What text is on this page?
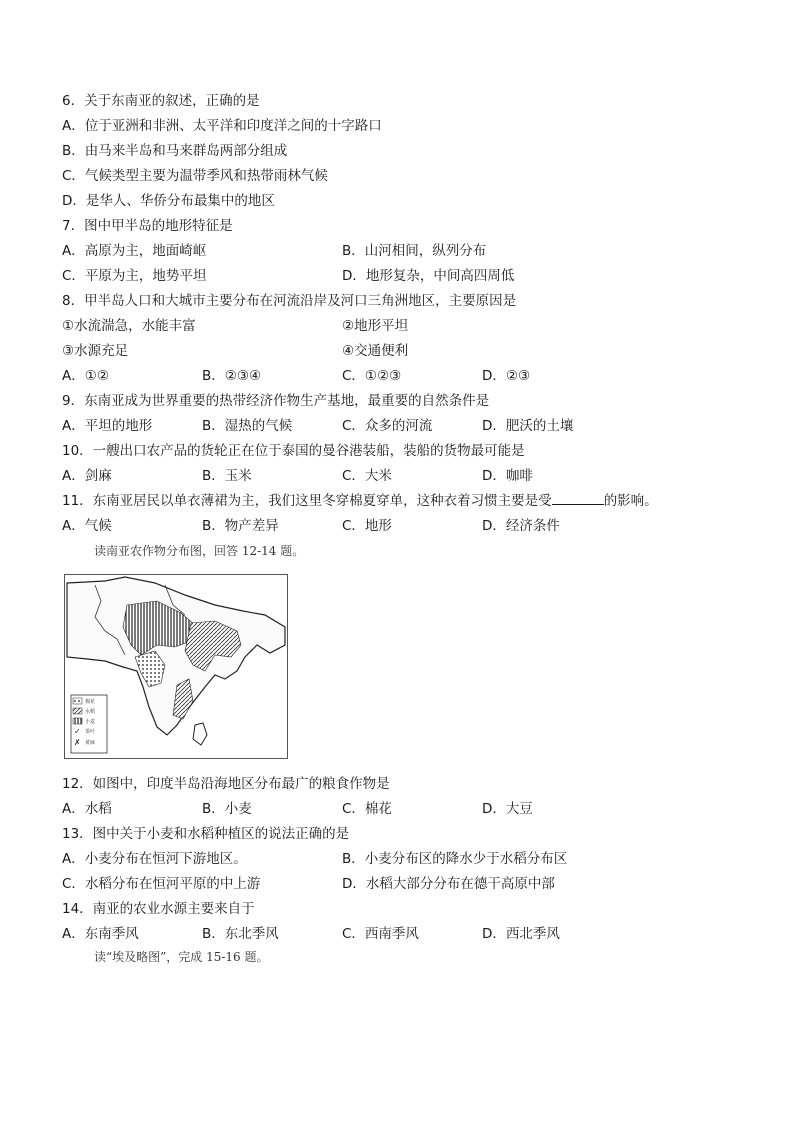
6．关于东南亚的叙述，正确的是
A．位于亚洲和非洲、太平洋和印度洋之间的十字路口
B．由马来半岛和马来群岛两部分组成
C．气候类型主要为温带季风和热带雨林气候
D．是华人、华侨分布最集中的地区
7．图中甲半岛的地形特征是
A．高原为主，地面崎岖	B．山河相间，纵列分布
C．平原为主，地势平坦	D．地形复杂，中间高四周低
8．甲半岛人口和大城市主要分布在河流沿岸及河口三角洲地区，主要原因是
①水流湍急，水能丰富	②地形平坦
③水源充足	④交通便利
A．①②	B．②③④	C．①②③	D．②③
9．东南亚成为世界重要的热带经济作物生产基地，最重要的自然条件是
A．平坦的地形	B．湿热的气候	C．众多的河流	D．肥沃的土壤
10．一艘出口农产品的货轮正在位于泰国的曼谷港装船，装船的货物最可能是
A．剑麻	B．玉米	C．大米	D．咖啡
11．东南亚居民以单衣薄裙为主，我们这里冬穿棉夏穿单，这种衣着习惯主要是受	的影响。
A．气候	B．物产差异	C．地形	D．经济条件
读南亚农作物分布图，回答 12-14 题。
✓
✗
棉花
水稻
小麦
茶叶
黄麻
12．如图中，印度半岛沿海地区分布最广的粮食作物是
A．水稻	B．小麦	C．棉花	D．大豆
13．图中关于小麦和水稻种植区的说法正确的是
A．小麦分布在恒河下游地区。	B．小麦分布区的降水少于水稻分布区
C．水稻分布在恒河平原的中上游	D．水稻大部分分布在德干高原中部
14．南亚的农业水源主要来自于
A．东南季风	B．东北季风	C．西南季风	D．西北季风
读“埃及略图”，完成 15-16 题。
